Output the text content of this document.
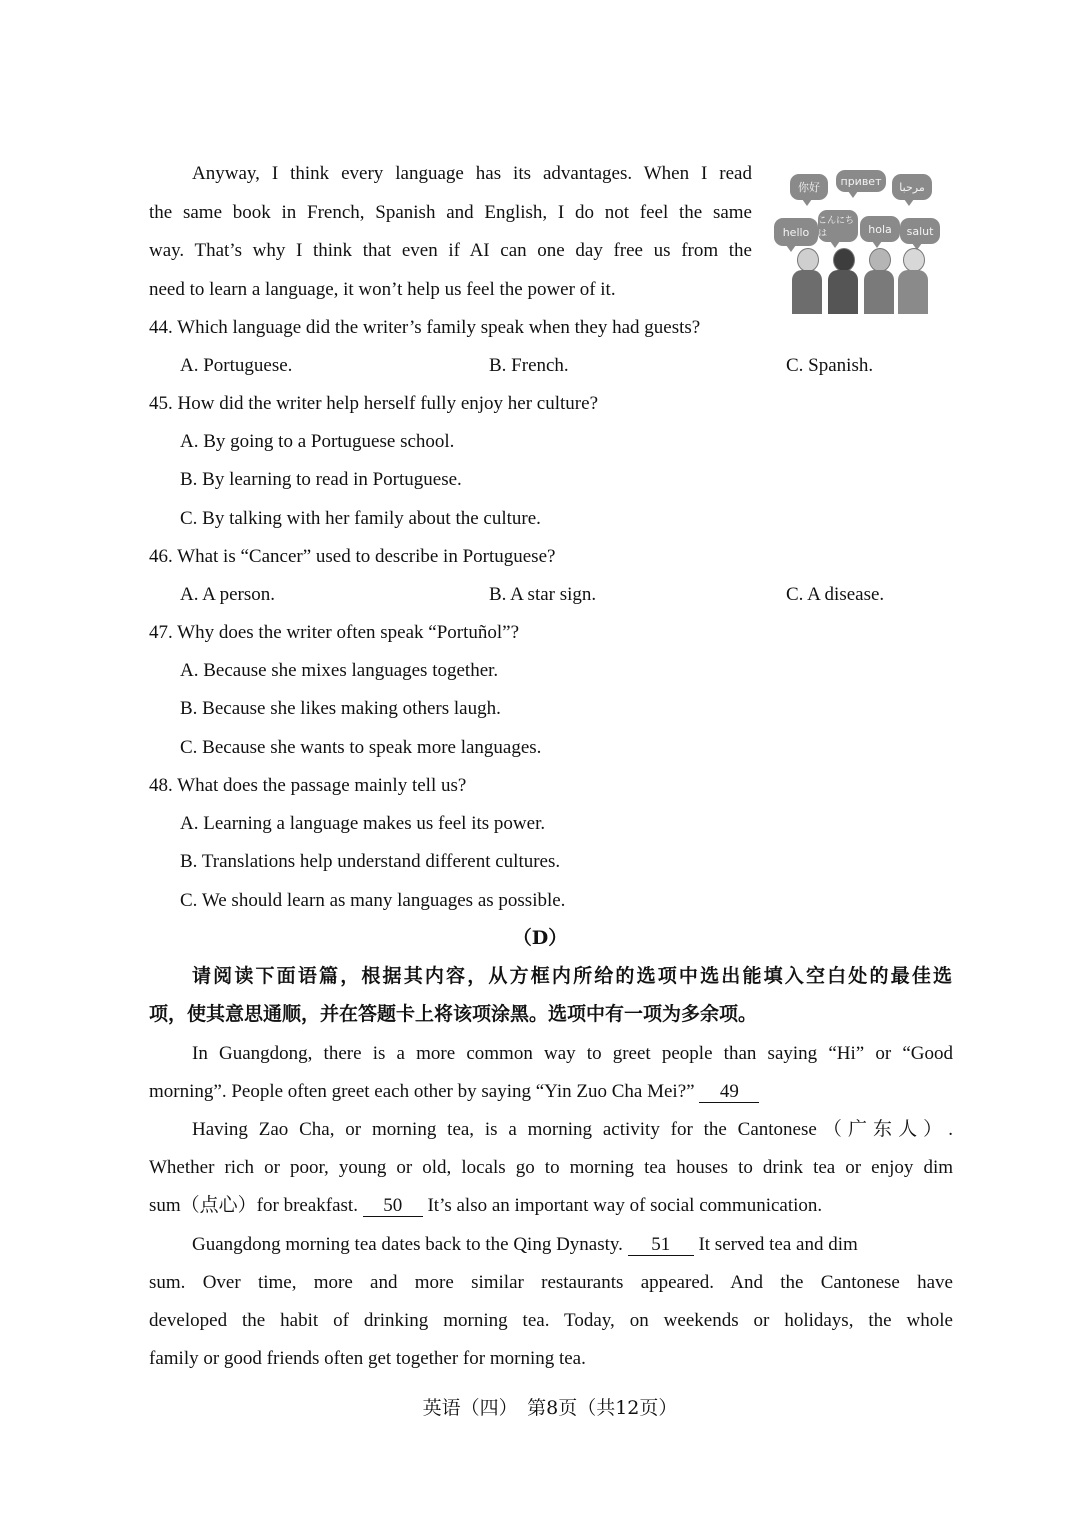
Anyway, I think every language has its advantages. When I read
the same book in French, Spanish and English, I do not feel the same
way. That’s why I think that even if AI can one day free us from the
need to learn a language, it won’t help us feel the power of it.
你好	привет	مرحبا
hello
こんにちは	hola	salut
44. Which language did the writer’s family speak when they had guests?
A. Portuguese.	B. French.	C. Spanish.
45. How did the writer help herself fully enjoy her culture?
A. By going to a Portuguese school.
B. By learning to read in Portuguese.
C. By talking with her family about the culture.
46. What is “Cancer” used to describe in Portuguese?
A. A person.	B. A star sign.	C. A disease.
47. Why does the writer often speak “Portuñol”?
A. Because she mixes languages together.
B. Because she likes making others laugh.
C. Because she wants to speak more languages.
48. What does the passage mainly tell us?
A. Learning a language makes us feel its power.
B. Translations help understand different cultures.
C. We should learn as many languages as possible.
（D）
请阅读下面语篇，根据其内容，从方框内所给的选项中选出能填入空白处的最佳选
项，使其意思通顺，并在答题卡上将该项涂黑。选项中有一项为多余项。
In Guangdong, there is a more common way to greet people than saying “Hi” or “Good
morning”. People often greet each other by saying “Yin Zuo Cha Mei?” 49
Having Zao Cha, or morning tea, is a morning activity for the Cantonese（广东人）.
Whether rich or poor, young or old, locals go to morning tea houses to drink tea or enjoy dim
sum（点心）for breakfast. 50 It’s also an important way of social communication.
Guangdong morning tea dates back to the Qing Dynasty. 51 It served tea and dim
sum. Over time, more and more similar restaurants appeared. And the Cantonese have
developed the habit of drinking morning tea. Today, on weekends or holidays, the whole
family or good friends often get together for morning tea.
英语（四）　第8页（共12页）
